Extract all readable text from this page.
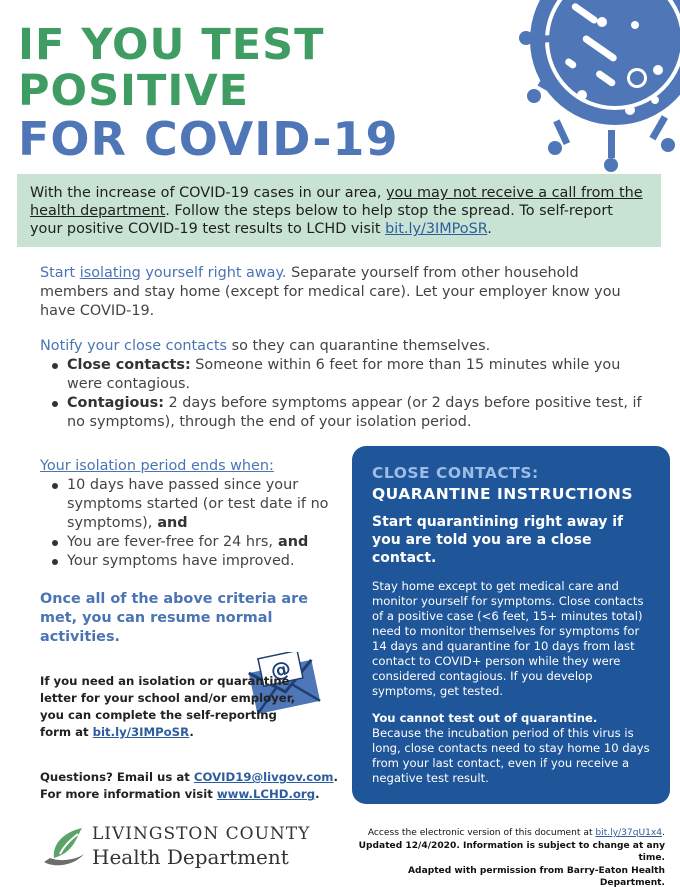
IF YOU TEST
POSITIVE
FOR COVID-19
With the increase of COVID-19 cases in our area, you may not receive a call from the health department. Follow the steps below to help stop the spread. To self-report your positive COVID-19 test results to LCHD visit bit.ly/3IMPoSR.
Start isolating yourself right away. Separate yourself from other household members and stay home (except for medical care). Let your employer know you have COVID-19.
Notify your close contacts so they can quarantine themselves.
Close contacts: Someone within 6 feet for more than 15 minutes while you were contagious.
Contagious: 2 days before symptoms appear (or 2 days before positive test, if no symptoms), through the end of your isolation period.
Your isolation period ends when:
10 days have passed since your symptoms started (or test date if no symptoms), and
You are fever-free for 24 hrs, and
Your symptoms have improved.
Once all of the above criteria are met, you can resume normal activities.
CLOSE CONTACTS:
QUARANTINE INSTRUCTIONS
Start quarantining right away if you are told you are a close contact.
Stay home except to get medical care and monitor yourself for symptoms. Close contacts of a positive case (<6 feet, 15+ minutes total) need to monitor themselves for symptoms for 14 days and quarantine for 10 days from last contact to COVID+ person while they were considered contagious. If you develop symptoms, get tested.
You cannot test out of quarantine. Because the incubation period of this virus is long, close contacts need to stay home 10 days from your last contact, even if you receive a negative test result.
@
If you need an isolation or quarantine letter for your school and/or employer, you can complete the self-reporting form at bit.ly/3IMPoSR.
Questions? Email us at COVID19@livgov.com.
For more information visit www.LCHD.org.
LIVINGSTON COUNTY
Health Department
Access the electronic version of this document at bit.ly/37qU1x4.
Updated 12/4/2020. Information is subject to change at any time.
Adapted with permission from Barry-Eaton Health Department.
